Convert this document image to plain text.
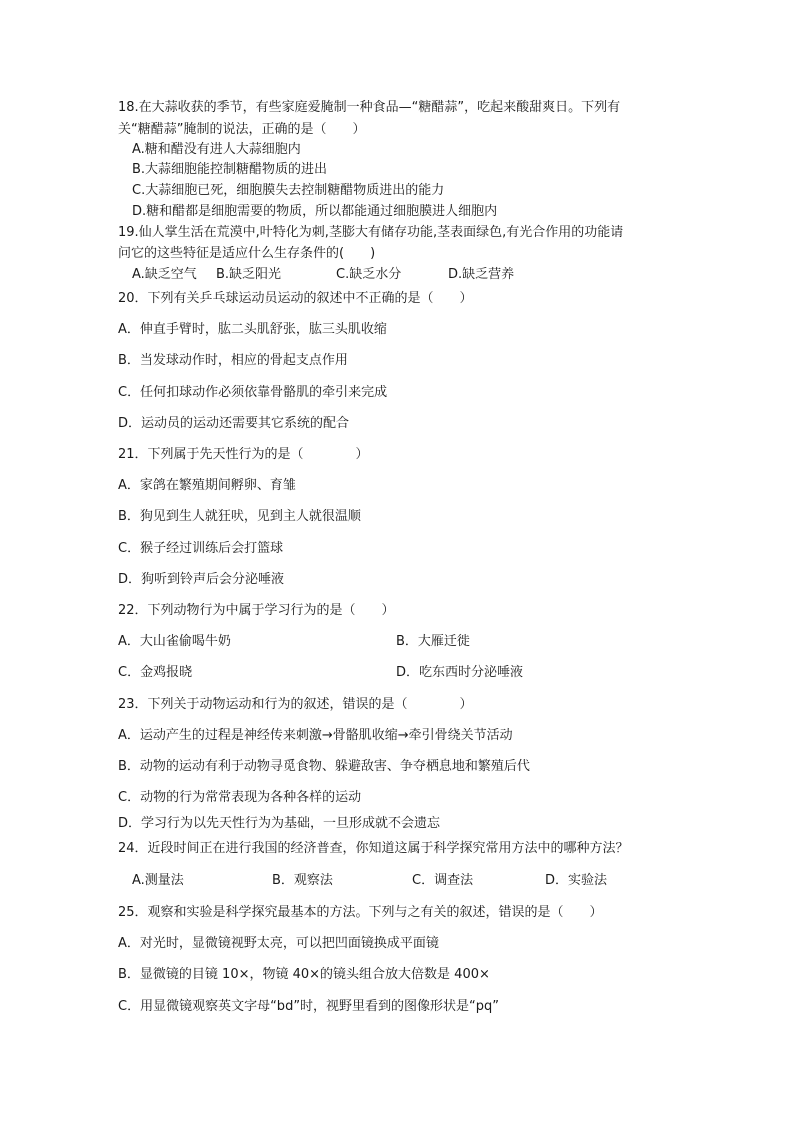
18.在大蒜收获的季节，有些家庭爱腌制一种食品—“糖醋蒜”，吃起来酸甜爽日。下列有
关“糖醋蒜”腌制的说法，正确的是（　　）
A.糖和醋没有进人大蒜细胞内
B.大蒜细胞能控制糖醋物质的进出
C.大蒜细胞已死，细胞膜失去控制糖醋物质进出的能力
D.糖和醋都是细胞需要的物质，所以都能通过细胞膜进人细胞内
19.仙人掌生活在荒漠中,叶特化为刺,茎膨大有储存功能,茎表面绿色,有光合作用的功能请
问它的这些特征是适应什么生存条件的(　　)
A.缺乏空气 B.缺乏阳光	C.缺乏水分	D.缺乏营养
20．下列有关乒乓球运动员运动的叙述中不正确的是（　　）
A．伸直手臂时，肱二头肌舒张，肱三头肌收缩
B．当发球动作时，相应的骨起支点作用
C．任何扣球动作必须依靠骨骼肌的牵引来完成
D．运动员的运动还需要其它系统的配合
21．下列属于先天性行为的是（　　　　）
A．家鸽在繁殖期间孵卵、育雏
B．狗见到生人就狂吠，见到主人就很温顺
C．猴子经过训练后会打篮球
D．狗听到铃声后会分泌唾液
22．下列动物行为中属于学习行为的是（　　）
A．大山雀偷喝牛奶	B．大雁迁徙
C．金鸡报晓	D．吃东西时分泌唾液
23．下列关于动物运动和行为的叙述，错误的是（　　　　）
A．运动产生的过程是神经传来刺激→骨骼肌收缩→牵引骨绕关节活动
B．动物的运动有利于动物寻觅食物、躲避敌害、争夺栖息地和繁殖后代
C．动物的行为常常表现为各种各样的运动
D．学习行为以先天性行为为基础，一旦形成就不会遗忘
24．近段时间正在进行我国的经济普查，你知道这属于科学探究常用方法中的哪种方法？
A.测量法	B．观察法	C．调查法	D．实验法
25．观察和实验是科学探究最基本的方法。下列与之有关的叙述，错误的是（　　）
A．对光时，显微镜视野太亮，可以把凹面镜换成平面镜
B．显微镜的目镜 10×，物镜 40×的镜头组合放大倍数是 400×
C．用显微镜观察英文字母“bd”时，视野里看到的图像形状是“pq”
